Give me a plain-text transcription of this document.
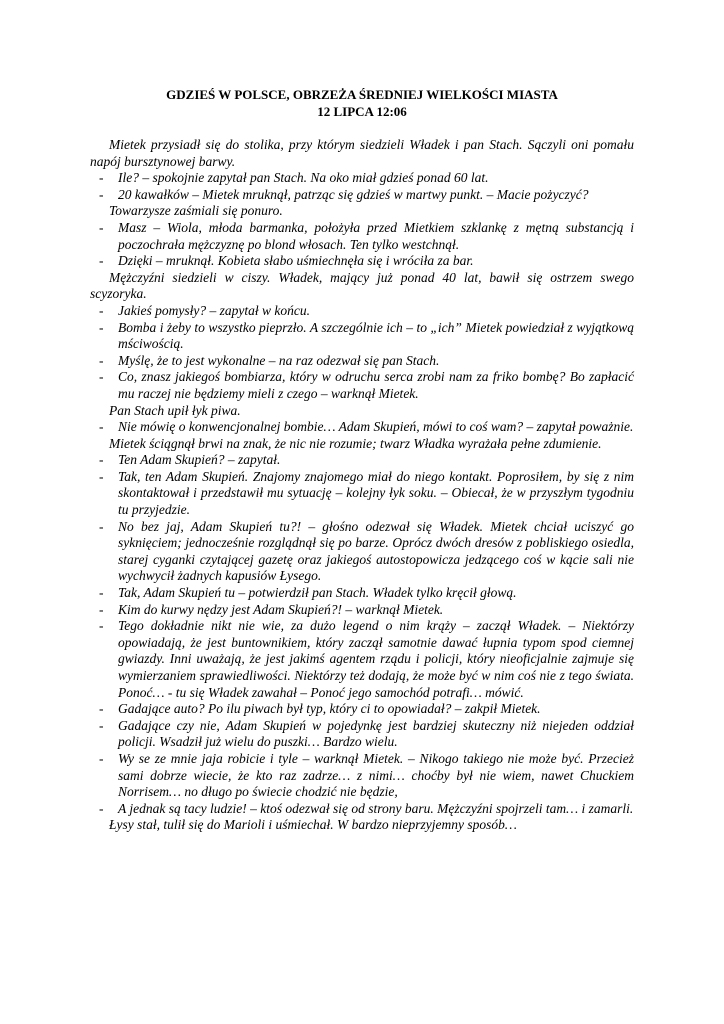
GDZIEŚ W POLSCE, OBRZEŻA ŚREDNIEJ WIELKOŚCI MIASTA
12 LIPCA 12:06

Mietek przysiadł się do stolika, przy którym siedzieli Władek i pan Stach. Sączyli oni pomału napój bursztynowej barwy.

- Ile? – spokojnie zapytał pan Stach. Na oko miał gdzieś ponad 60 lat.

- 20 kawałków – Mietek mruknął, patrząc się gdzieś w martwy punkt. – Macie pożyczyć?

Towarzysze zaśmiali się ponuro.

- Masz – Wiola, młoda barmanka, położyła przed Mietkiem szklankę z mętną substancją i poczochrała mężczyznę po blond włosach. Ten tylko westchnął.

- Dzięki – mruknął. Kobieta słabo uśmiechnęła się i wróciła za bar.

Mężczyźni siedzieli w ciszy. Władek, mający już ponad 40 lat, bawił się ostrzem swego scyzoryka.

- Jakieś pomysły? – zapytał w końcu.

- Bomba i żeby to wszystko pieprzło. A szczególnie ich – to „ich” Mietek powiedział z wyjątkową mściwością.

- Myślę, że to jest wykonalne – na raz odezwał się pan Stach.

- Co, znasz jakiegoś bombiarza, który w odruchu serca zrobi nam za friko bombę? Bo zapłacić mu raczej nie będziemy mieli z czego – warknął Mietek.

Pan Stach upił łyk piwa.

- Nie mówię o konwencjonalnej bombie… Adam Skupień, mówi to coś wam? – zapytał poważnie.

Mietek ściągnął brwi na znak, że nic nie rozumie; twarz Władka wyrażała pełne zdumienie.

- Ten Adam Skupień? – zapytał.

- Tak, ten Adam Skupień. Znajomy znajomego miał do niego kontakt. Poprosiłem, by się z nim skontaktował i przedstawił mu sytuację – kolejny łyk soku. – Obiecał, że w przyszłym tygodniu tu przyjedzie.

- No bez jaj, Adam Skupień tu?! – głośno odezwał się Władek. Mietek chciał uciszyć go syknięciem; jednocześnie rozglądnął się po barze. Oprócz dwóch dresów z pobliskiego osiedla, starej cyganki czytającej gazetę oraz jakiegoś autostopowicza jedzącego coś w kącie sali nie wychwycił żadnych kapusiów Łysego.

- Tak, Adam Skupień tu – potwierdził pan Stach. Władek tylko kręcił głową.

- Kim do kurwy nędzy jest Adam Skupień?! – warknął Mietek.

- Tego dokładnie nikt nie wie, za dużo legend o nim krąży – zaczął Władek. – Niektórzy opowiadają, że jest buntownikiem, który zaczął samotnie dawać łupnia typom spod ciemnej gwiazdy. Inni uważają, że jest jakimś agentem rządu i policji, który nieoficjalnie zajmuje się wymierzaniem sprawiedliwości. Niektórzy też dodają, że może być w nim coś nie z tego świata. Ponoć… - tu się Władek zawahał – Ponoć jego samochód potrafi… mówić.

- Gadające auto? Po ilu piwach był typ, który ci to opowiadał? – zakpił Mietek.

- Gadające czy nie, Adam Skupień w pojedynkę jest bardziej skuteczny niż niejeden oddział policji. Wsadził już wielu do puszki… Bardzo wielu.

- Wy se ze mnie jaja robicie i tyle – warknął Mietek. – Nikogo takiego nie może być. Przecież sami dobrze wiecie, że kto raz zadrze… z nimi… choćby był nie wiem, nawet Chuckiem Norrisem… no długo po świecie chodzić nie będzie,

- A jednak są tacy ludzie! – ktoś odezwał się od strony baru. Mężczyźni spojrzeli tam… i zamarli.

Łysy stał, tulił się do Marioli i uśmiechał. W bardzo nieprzyjemny sposób…
